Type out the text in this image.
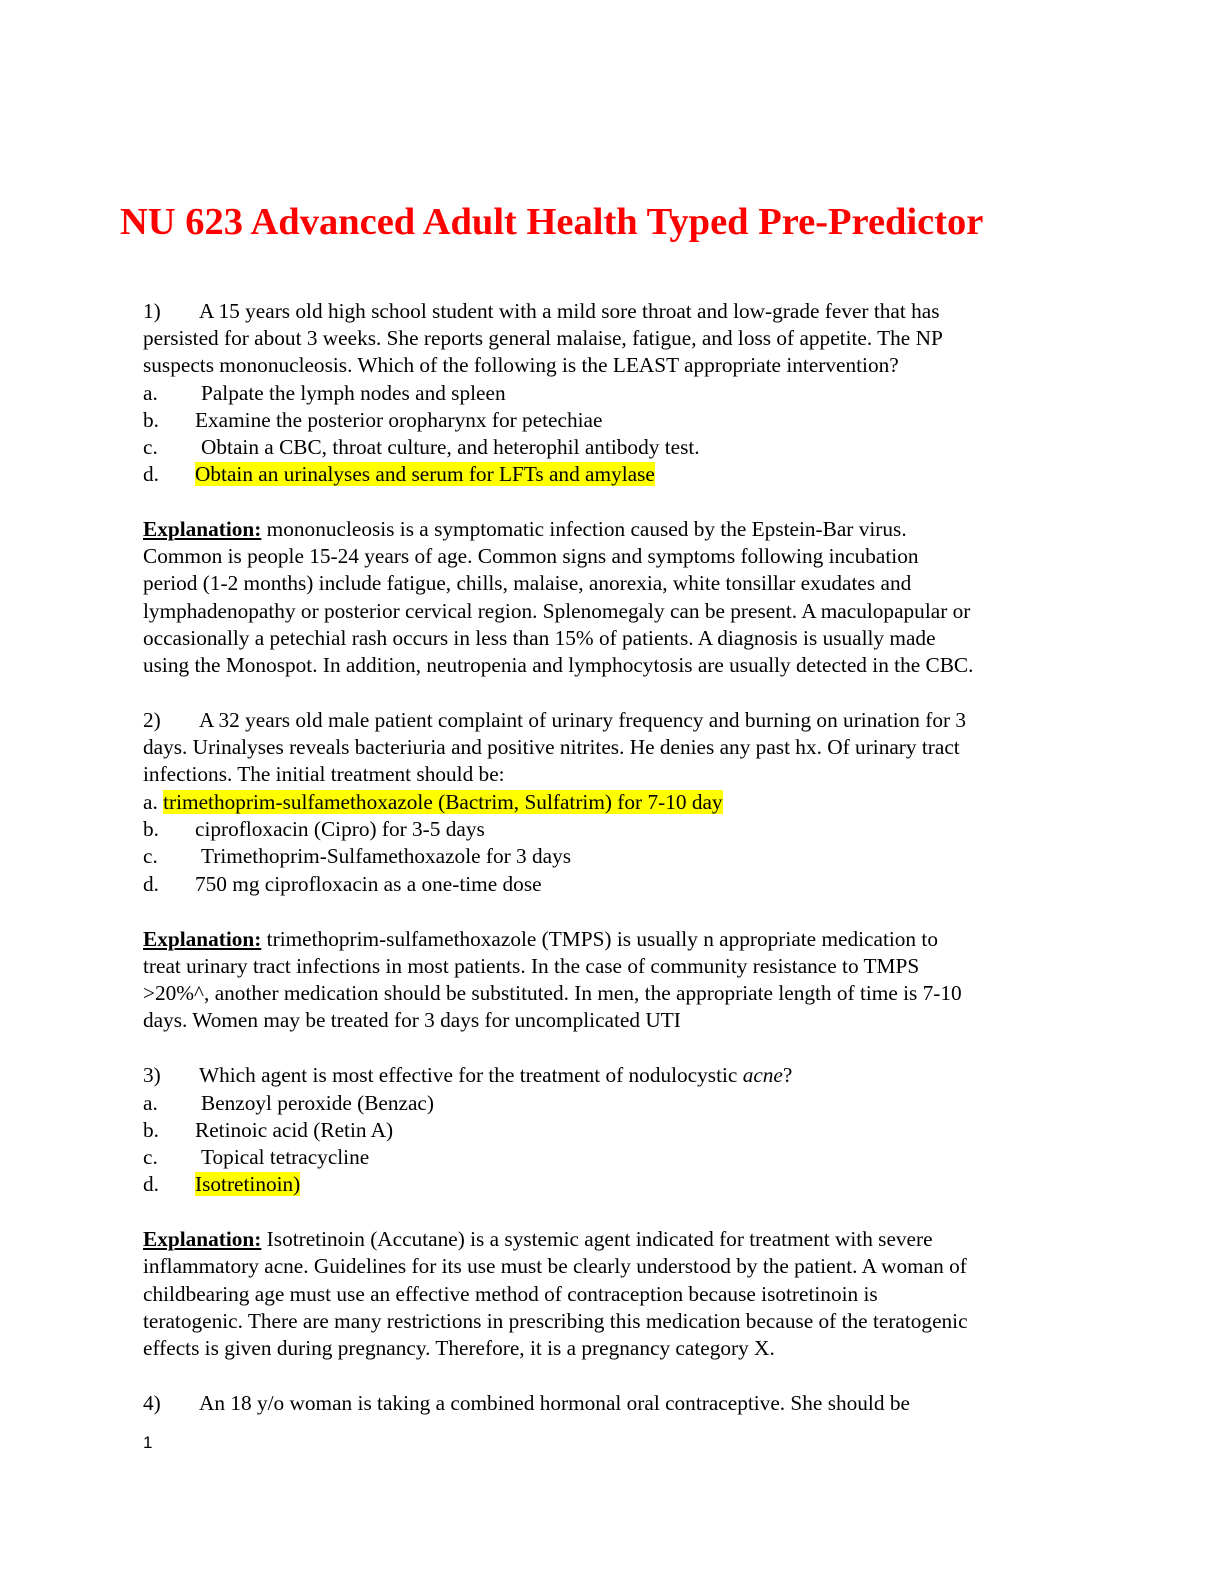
NU 623 Advanced Adult Health Typed Pre-Predictor
1) A 15 years old high school student with a mild sore throat and low-grade fever that has
persisted for about 3 weeks. She reports general malaise, fatigue, and loss of appetite. The NP
suspects mononucleosis. Which of the following is the LEAST appropriate intervention?
a. Palpate the lymph nodes and spleen
b. Examine the posterior oropharynx for petechiae
c. Obtain a CBC, throat culture, and heterophil antibody test.
d. Obtain an urinalyses and serum for LFTs and amylase
Explanation: mononucleosis is a symptomatic infection caused by the Epstein-Bar virus.
Common is people 15-24 years of age. Common signs and symptoms following incubation
period (1-2 months) include fatigue, chills, malaise, anorexia, white tonsillar exudates and
lymphadenopathy or posterior cervical region. Splenomegaly can be present. A maculopapular or
occasionally a petechial rash occurs in less than 15% of patients. A diagnosis is usually made
using the Monospot. In addition, neutropenia and lymphocytosis are usually detected in the CBC.
2) A 32 years old male patient complaint of urinary frequency and burning on urination for 3
days. Urinalyses reveals bacteriuria and positive nitrites. He denies any past hx. Of urinary tract
infections. The initial treatment should be:
a. trimethoprim-sulfamethoxazole (Bactrim, Sulfatrim) for 7-10 day
b. ciprofloxacin (Cipro) for 3-5 days
c. Trimethoprim-Sulfamethoxazole for 3 days
d. 750 mg ciprofloxacin as a one-time dose
Explanation: trimethoprim-sulfamethoxazole (TMPS) is usually n appropriate medication to
treat urinary tract infections in most patients. In the case of community resistance to TMPS
>20%^, another medication should be substituted. In men, the appropriate length of time is 7-10
days. Women may be treated for 3 days for uncomplicated UTI
3) Which agent is most effective for the treatment of nodulocystic acne?
a. Benzoyl peroxide (Benzac)
b. Retinoic acid (Retin A)
c. Topical tetracycline
d. Isotretinoin)
Explanation: Isotretinoin (Accutane) is a systemic agent indicated for treatment with severe
inflammatory acne. Guidelines for its use must be clearly understood by the patient. A woman of
childbearing age must use an effective method of contraception because isotretinoin is
teratogenic. There are many restrictions in prescribing this medication because of the teratogenic
effects is given during pregnancy. Therefore, it is a pregnancy category X.
4) An 18 y/o woman is taking a combined hormonal oral contraceptive. She should be
1
